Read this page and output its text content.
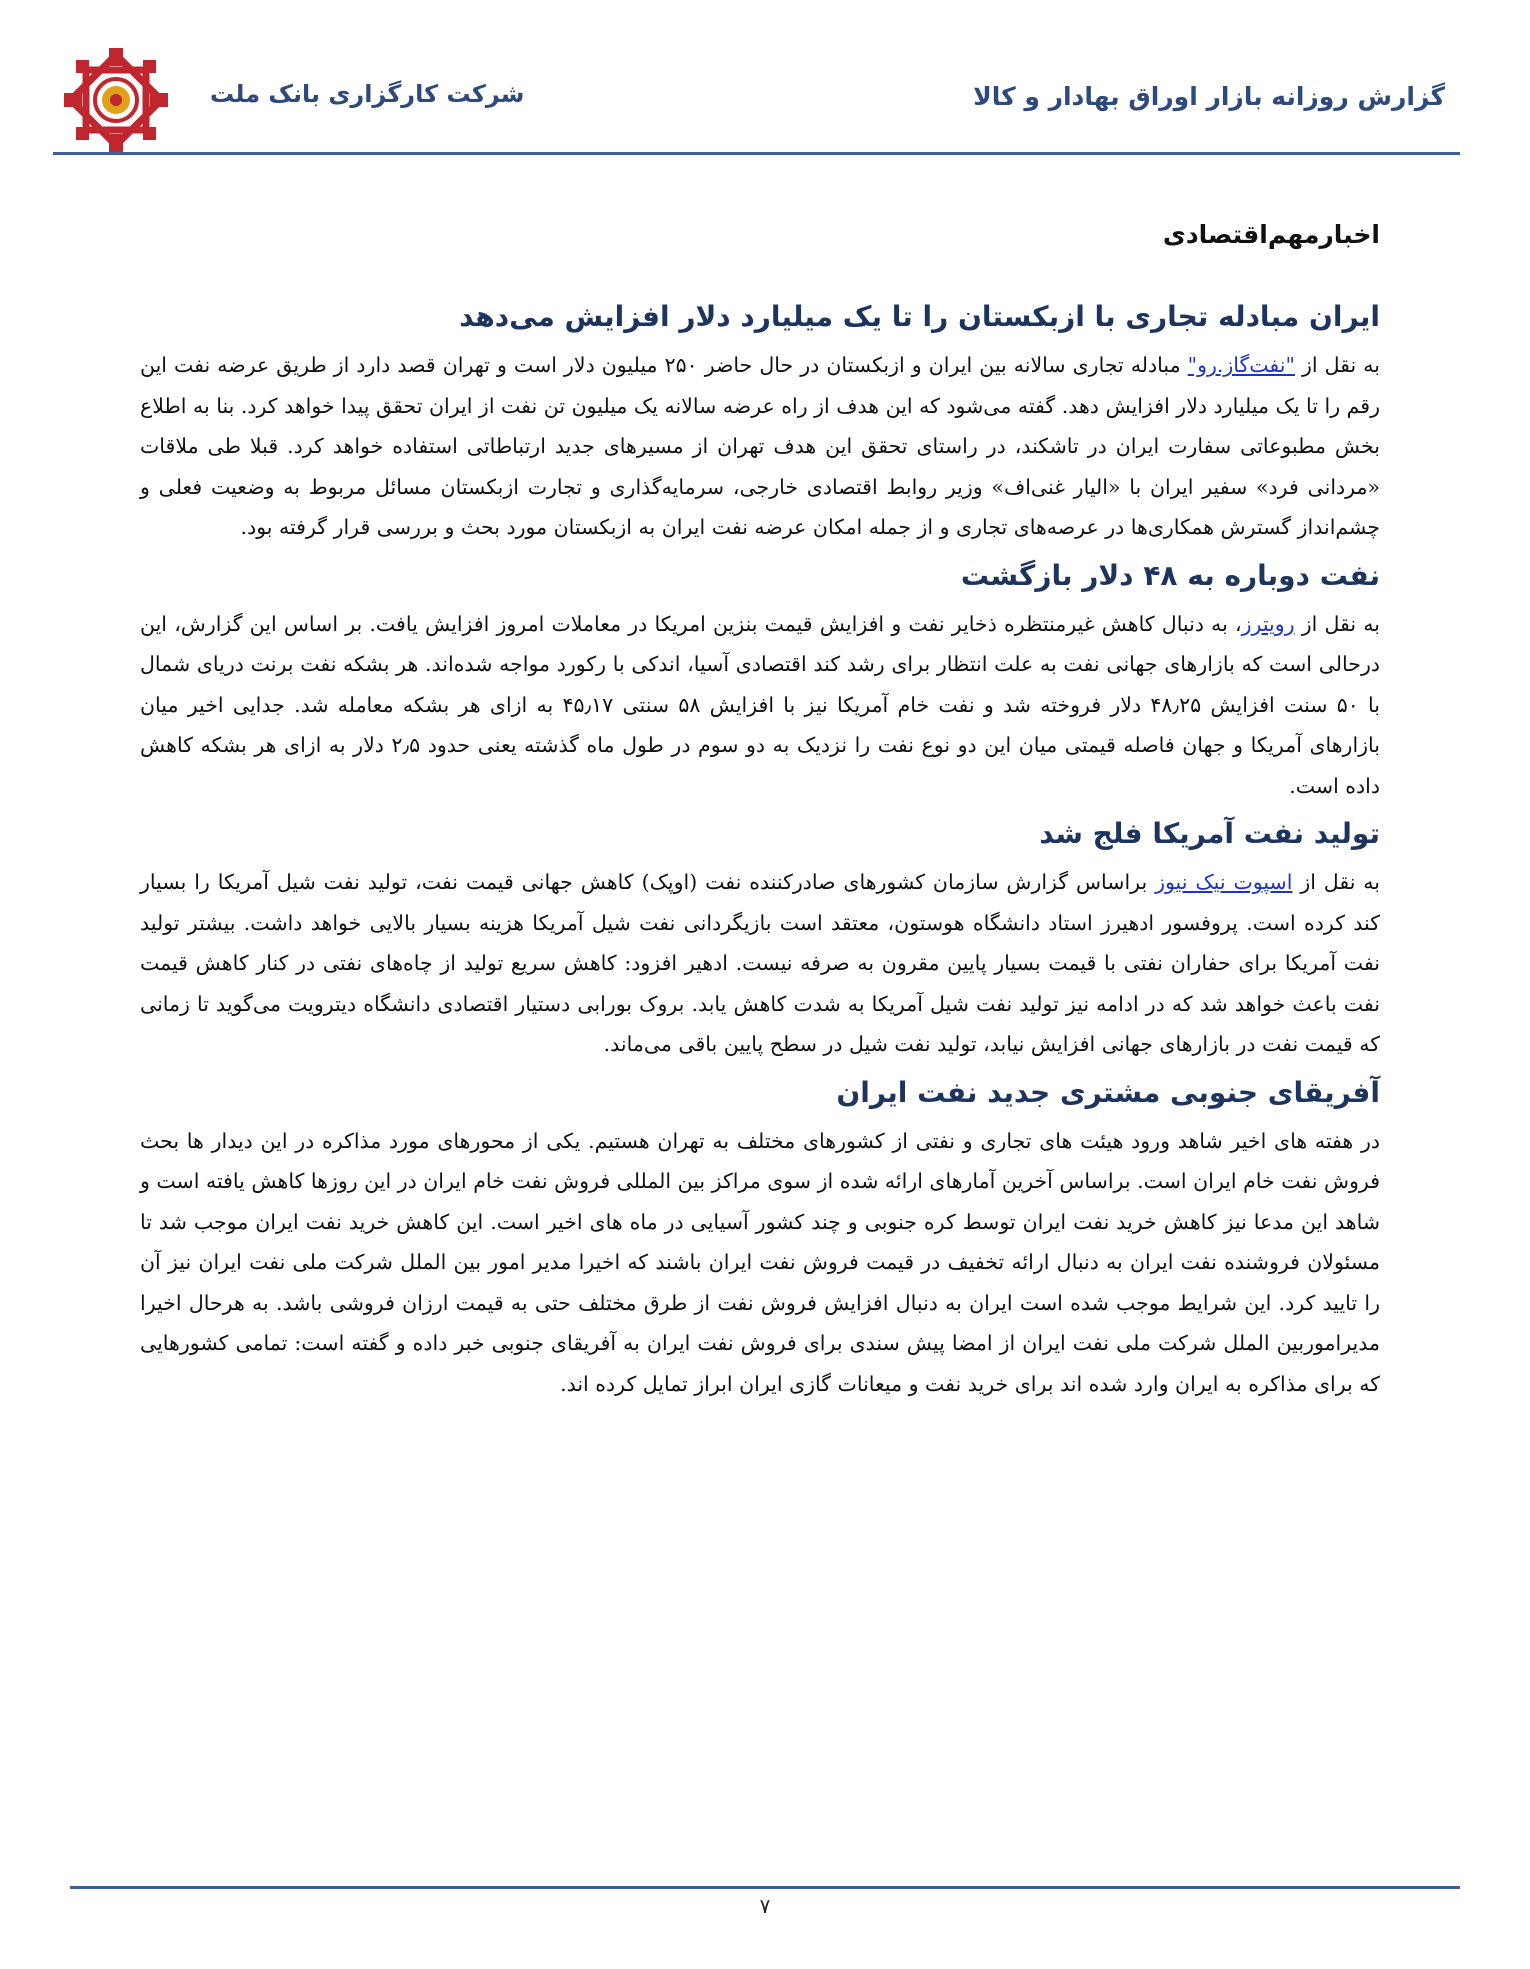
شرکت کارگزاری بانک ملت	گزارش روزانه بازار اوراق بهادار و کالا
اخبارمهم‌اقتصادی
ایران مبادله تجاری با ازبکستان را تا یک میلیارد دلار افزایش می‌دهد

به نقل از "نفت‌گاز.رو" مبادله تجاری سالانه بین ایران و ازبکستان در حال حاضر ۲۵۰ میلیون دلار است و تهران قصد دارد از طریق عرضه نفت این رقم را تا یک میلیارد دلار افزایش دهد. گفته می‌شود که این هدف از راه عرضه سالانه یک میلیون تن نفت از ایران تحقق پیدا خواهد کرد. بنا به اطلاع بخش مطبوعاتی سفارت ایران در تاشکند، در راستای تحقق این هدف تهران از مسیرهای جدید ارتباطاتی استفاده خواهد کرد. قبلا طی ملاقات «مردانی فرد» سفیر ایران با «الیار غنی‌اف» وزیر روابط اقتصادی خارجی، سرمایه‌گذاری و تجارت ازبکستان مسائل مربوط به وضعیت فعلی و چشم‌انداز گسترش همکاری‌ها در عرصه‌های تجاری و از جمله امکان عرضه نفت ایران به ازبکستان مورد بحث و بررسی قرار گرفته بود.

نفت دوباره به ۴۸ دلار بازگشت

به نقل از رویترز، به دنبال کاهش غیرمنتظره ذخایر نفت و افزایش قیمت بنزین امریکا در معاملات امروز افزایش یافت. بر اساس این گزارش، این درحالی است که بازارهای جهانی نفت به علت انتظار برای رشد کند اقتصادی آسیا، اندکی با رکورد مواجه شده‌اند. هر بشکه نفت برنت دریای شمال با ۵۰ سنت افزایش ۴۸٫۲۵ دلار فروخته شد و نفت خام آمریکا نیز با افزایش ۵۸ سنتی ۴۵٫۱۷ به ازای هر بشکه معامله شد. جدایی اخیر میان بازارهای آمریکا و جهان فاصله قیمتی میان این دو نوع نفت را نزدیک به دو سوم در طول ماه گذشته یعنی حدود ۲٫۵ دلار به ازای هر بشکه کاهش داده است.

تولید نفت آمریکا فلج شد

به نقل از اسپوت نیک نیوز براساس گزارش سازمان کشورهای صادرکننده نفت (اوپک) کاهش جهانی قیمت نفت، تولید نفت شیل آمریکا را بسیار کند کرده است. پروفسور ادهیرز استاد دانشگاه هوستون، معتقد است بازیگردانی نفت شیل آمریکا هزینه بسیار بالایی خواهد داشت. بیشتر تولید نفت آمریکا برای حفاران نفتی با قیمت بسیار پایین مقرون به صرفه نیست. ادهیر افزود: کاهش سریع تولید از چاه‌های نفتی در کنار کاهش قیمت نفت باعث خواهد شد که در ادامه نیز تولید نفت شیل آمریکا به شدت کاهش یابد. بروک بورابی دستیار اقتصادی دانشگاه دیترویت می‌گوید تا زمانی که قیمت نفت در بازارهای جهانی افزایش نیابد، تولید نفت شیل در سطح پایین باقی می‌ماند.

آفریقای جنوبی مشتری جدید نفت ایران

در هفته های اخیر شاهد ورود هیئت های تجاری و نفتی از کشورهای مختلف به تهران هستیم. یکی از محورهای مورد مذاکره در این دیدار ها بحث فروش نفت خام ایران است. براساس آخرین آمارهای ارائه شده از سوی مراکز بین المللی فروش نفت خام ایران در این روزها کاهش یافته است و شاهد این مدعا نیز کاهش خرید نفت ایران توسط کره جنوبی و چند کشور آسیایی در ماه های اخیر است. این کاهش خرید نفت ایران موجب شد تا مسئولان فروشنده نفت ایران به دنبال ارائه تخفیف در قیمت فروش نفت ایران باشند که اخیرا مدیر امور بین الملل شرکت ملی نفت ایران نیز آن را تایید کرد. این شرایط موجب شده است ایران به دنبال افزایش فروش نفت از طرق مختلف حتی به قیمت ارزان فروشی باشد. به هرحال اخیرا مدیراموربین الملل شرکت ملی نفت ایران از امضا پیش سندی برای فروش نفت ایران به آفریقای جنوبی خبر داده و گفته است: تمامی کشورهایی که برای مذاکره به ایران وارد شده اند برای خرید نفت و میعانات گازی ایران ابراز تمایل کرده اند.

۷
